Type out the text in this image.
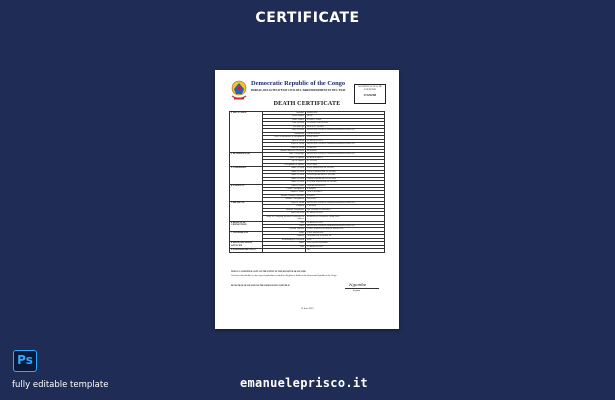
CERTIFICATE
Democratic Republic of the Congo
BUREAU, DES ACTES D'ETAT CIVIL DE L'ARRONDISSEMENT ET DE L'ETAT
NO ENTRY & SEAL DE L'OFFICIER
27/GM/465
DEATH CERTIFICATE
1 DECEASED	Surname	MUKENDI
	Given Names	JEAN
	Other Names	KABILA AIMÉ
	Date of Birth	12 APRIL 1956 KASAI
	Sex and Age	MALE 67 YEARS
	Place of Birth	REGISTER CONGO-TSHOPO/DOSSIER LIBALAS
	Nationality	CONGOLESE
	Place of Residence & Occupation	ENGINEER
	Date of Death	03 MARCH 2023
	Place of Death	REGISTER CONGO-TSHOPO/DOSSIER LIBALAS
	Cause of Death	CARDIAC
	Marital Status of Deceased	MARRIED
2 MARRIAGE(S)	Date of Marriage	REGISTER CONGO-TSHOPO/DOSSIER LIBALAS
	Name of Spouse	MARIE KABILA
	Age of Spouse	61 YEARS
	Occupation of Spouse	TEACHER
3 CHILDREN	Name of Child	PAUL MUKENDI 38 YEARS
	Name of Child	GRACE MUKENDI 35 YEARS
	Name of Child	DAVID MUKENDI 31 YEARS
	Name of Child	JOSEPH MUKENDI 28 YEARS
	Name of Child	ESTHER MUKENDI 24 YEARS
4 PARENTS	Father's Name	ANDRÉ MUKENDI
	Father's Occupation	FARMER
	Mother's Name	ALICE KABILA
	Mother's Maiden Surname	KABILA
	Mother's Occupation	TRADER
5 MEDICAL	Cause of Death	REGISTER CONGO-TSHOPO/DOSSIER LIBALAS
	Duration	3 WEEKS
	Medical Practitioner	DR. PIERRE LUMUMBA
	Date Last Seen	01 MARCH 2023
	Name of Certifying Medical Practitioner & Address	KINSHASA GENERAL HOSPITAL
6 BURIAL or CREMATION	Date	10 MARCH 2023
	Place	REGISTER CONGO-TSHOPO/DOSSIER LIBALAS
	Funeral Director	SAINT JOSEPH FUNERAL SERVICES
7 INFORMANT	Name	PAUL MUKENDI
	Address	AVENUE DE LA PAIX 14
	Relationship to Deceased	SON
8 REGISTRATION OFFICER	Name	FRANÇOIS NGOMBE
	Date	15 MARCH 2023
9 ENDORSEMENT(S)		Nil
THIS IS A CERTIFIED COPY OF THE ENTRY IN THE REGISTER OF DEATHS
I hereby certify that this is a true copy of particulars recorded in a Register of Deaths in the Democratic Republic of the Congo.
REGISTRAR OF DEATHS OF THE DEMOCRATIC REPUBLIC	Ngombe
Registrar
15 June 2023
Ps
fully editable template	emanueleprisco.it
